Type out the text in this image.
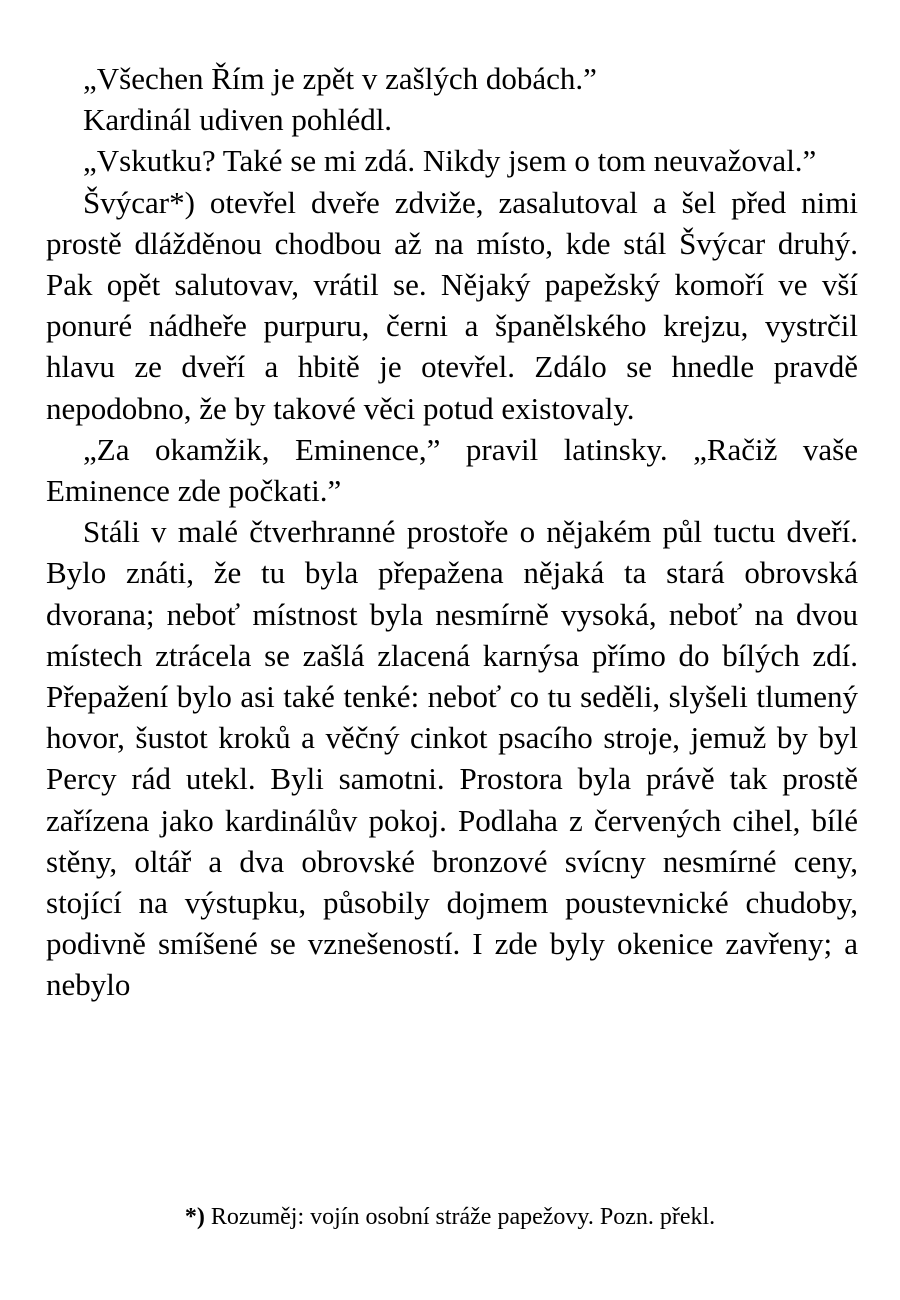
„Všechen Řím je zpět v zašlých dobách.”

Kardinál udiven pohlédl.

„Vskutku? Také se mi zdá. Nikdy jsem o tom neuvažoval.”

Švýcar*) otevřel dveře zdviže, zasalutoval a šel před nimi prostě dlážděnou chodbou až na místo, kde stál Švýcar druhý. Pak opět salutovav, vrátil se. Nějaký papežský komoří ve vší ponuré nádheře purpuru, černi a španělského krejzu, vystrčil hlavu ze dveří a hbitě je otevřel. Zdálo se hnedle pravdě nepodobno, že by takové věci potud existovaly.

„Za okamžik, Eminence,” pravil latinsky. „Račiž vaše Eminence zde počkati.”

Stáli v malé čtverhranné prostoře o nějakém půl tuctu dveří. Bylo znáti, že tu byla přepažena nějaká ta stará obrovská dvorana; neboť místnost byla nesmírně vysoká, neboť na dvou místech ztrácela se zašlá zlacená karnýsa přímo do bílých zdí. Přepažení bylo asi také tenké: neboť co tu seděli, slyšeli tlumený hovor, šustot kroků a věčný cinkot psacího stroje, jemuž by byl Percy rád utekl. Byli samotni. Prostora byla právě tak prostě zařízena jako kardinálův pokoj. Podlaha z červených cihel, bílé stěny, oltář a dva obrovské bronzové svícny nesmírné ceny, stojící na výstupku, působily dojmem poustevnické chudoby, podivně smíšené se vznešeností. I zde byly okenice zavřeny; a nebylo

*) Rozuměj: vojín osobní stráže papežovy. Pozn. překl.
